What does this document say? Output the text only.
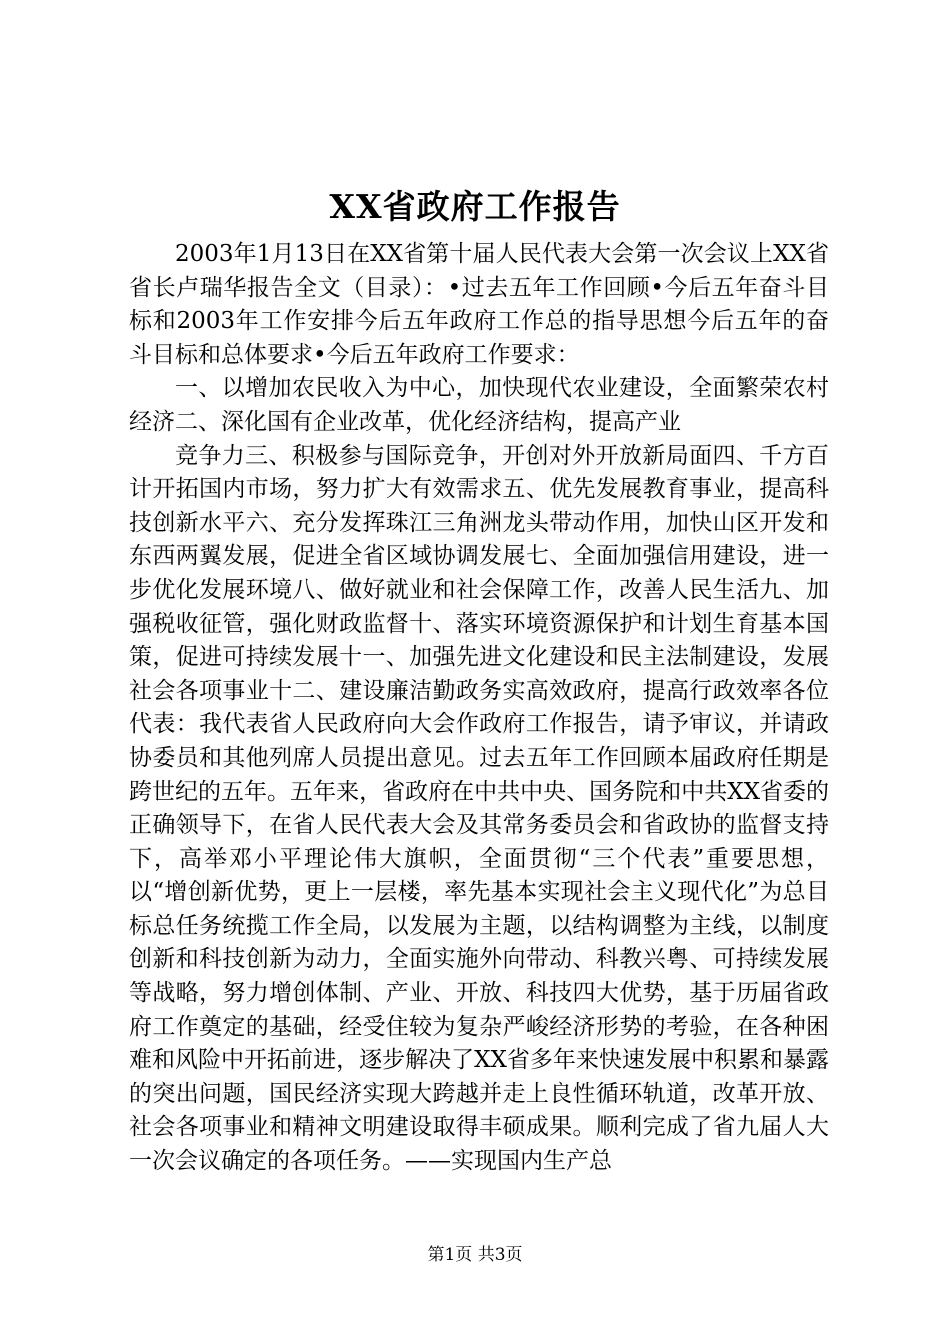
XX省政府工作报告

2003年1月13日在XX省第十届人民代表大会第一次会议上XX省省长卢瑞华报告全文（目录）：•过去五年工作回顾•今后五年奋斗目标和2003年工作安排今后五年政府工作总的指导思想今后五年的奋斗目标和总体要求•今后五年政府工作要求：

一、以增加农民收入为中心，加快现代农业建设，全面繁荣农村经济二、深化国有企业改革，优化经济结构，提高产业

竞争力三、积极参与国际竞争，开创对外开放新局面四、千方百计开拓国内市场，努力扩大有效需求五、优先发展教育事业，提高科技创新水平六、充分发挥珠江三角洲龙头带动作用，加快山区开发和东西两翼发展，促进全省区域协调发展七、全面加强信用建设，进一步优化发展环境八、做好就业和社会保障工作，改善人民生活九、加强税收征管，强化财政监督十、落实环境资源保护和计划生育基本国策，促进可持续发展十一、加强先进文化建设和民主法制建设，发展社会各项事业十二、建设廉洁勤政务实高效政府，提高行政效率各位代表：我代表省人民政府向大会作政府工作报告，请予审议，并请政协委员和其他列席人员提出意见。过去五年工作回顾本届政府任期是跨世纪的五年。五年来，省政府在中共中央、国务院和中共XX省委的正确领导下，在省人民代表大会及其常务委员会和省政协的监督支持下，高举邓小平理论伟大旗帜，全面贯彻“三个代表”重要思想，以“增创新优势，更上一层楼，率先基本实现社会主义现代化”为总目标总任务统揽工作全局，以发展为主题，以结构调整为主线，以制度创新和科技创新为动力，全面实施外向带动、科教兴粤、可持续发展等战略，努力增创体制、产业、开放、科技四大优势，基于历届省政府工作奠定的基础，经受住较为复杂严峻经济形势的考验，在各种困难和风险中开拓前进，逐步解决了XX省多年来快速发展中积累和暴露的突出问题，国民经济实现大跨越并走上良性循环轨道，改革开放、社会各项事业和精神文明建设取得丰硕成果。顺利完成了省九届人大一次会议确定的各项任务。——实现国内生产总

第1页 共3页
